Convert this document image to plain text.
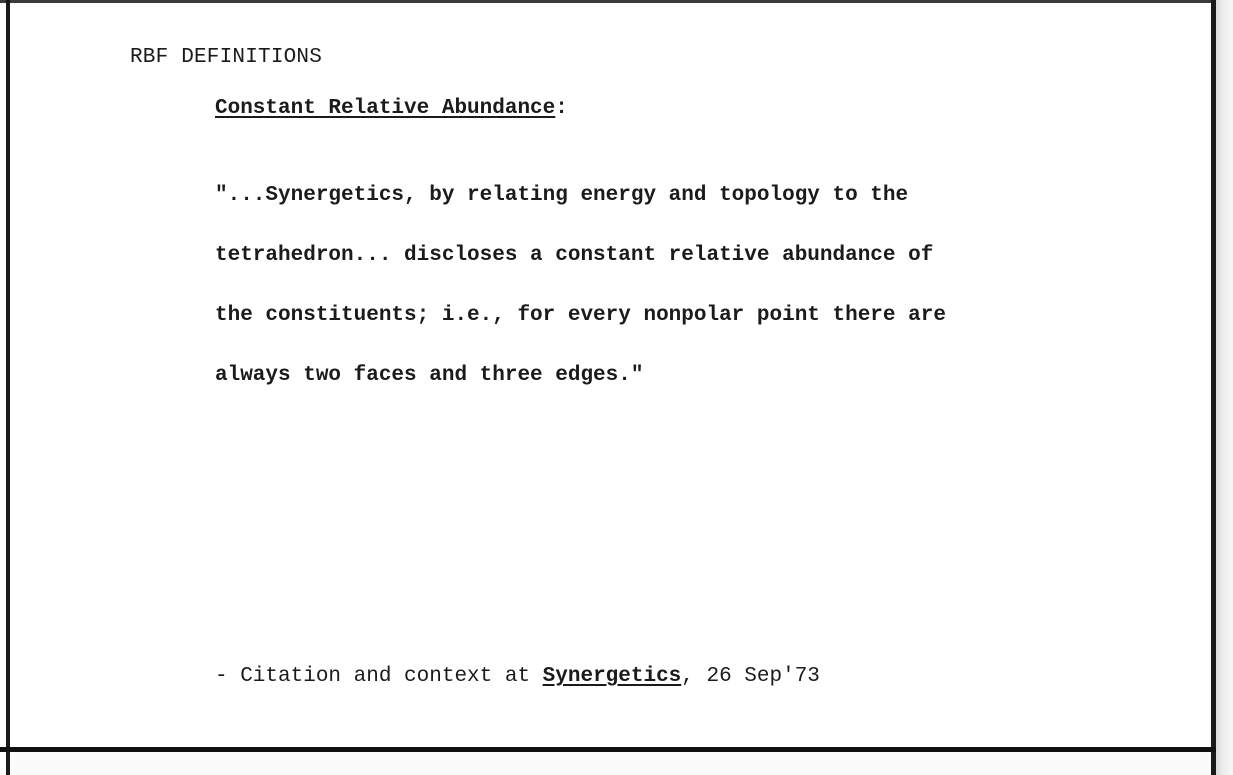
RBF DEFINITIONS
Constant Relative Abundance:

"...Synergetics, by relating energy and topology to the

tetrahedron... discloses a constant relative abundance of

the constituents; i.e., for every nonpolar point there are

always two faces and three edges."

- Citation and context at Synergetics, 26 Sep'73
